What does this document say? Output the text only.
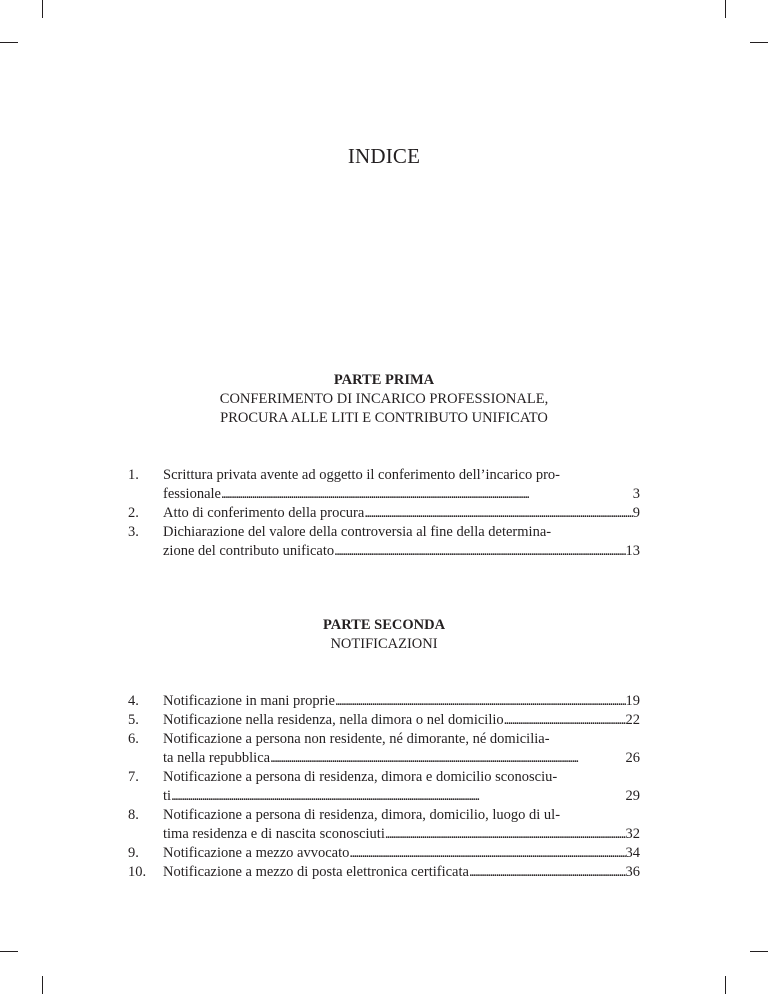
INDICE
PARTE PRIMA
CONFERIMENTO DI INCARICO PROFESSIONALE,
PROCURA ALLE LITI E CONTRIBUTO UNIFICATO
1.	Scrittura privata avente ad oggetto il conferimento dell’incarico pro-
fessionale . . .	3
2.	Atto di conferimento della procura . . .	9
3.	Dichiarazione del valore della controversia al fine della determina-
zione del contributo unificato . . .	13
PARTE SECONDA
NOTIFICAZIONI
4.	Notificazione in mani proprie . . .	19
5.	Notificazione nella residenza, nella dimora o nel domicilio . . .	22
6.	Notificazione a persona non residente, né dimorante, né domicilia-
ta nella repubblica . . .	26
7.	Notificazione a persona di residenza, dimora e domicilio sconosciu-
ti . . .	29
8.	Notificazione a persona di residenza, dimora, domicilio, luogo di ul-
tima residenza e di nascita sconosciuti . . .	32
9.	Notificazione a mezzo avvocato . . .	34
10.	Notificazione a mezzo di posta elettronica certificata . . .	36
